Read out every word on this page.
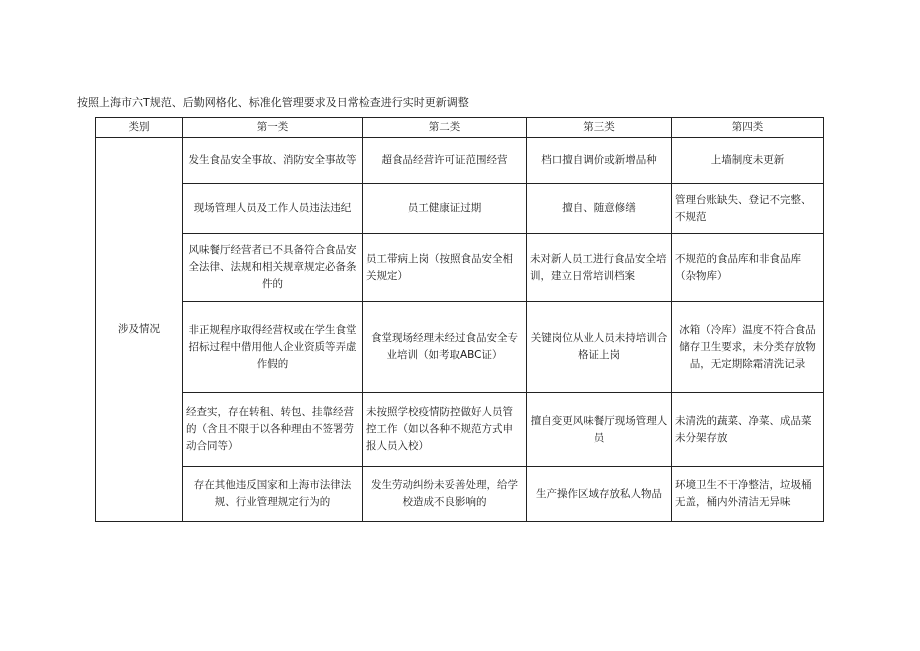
按照上海市六T规范、后勤网格化、标准化管理要求及日常检查进行实时更新调整
类别	第一类	第二类	第三类	第四类
涉及情况	发生食品安全事故、消防安全事故等	超食品经营许可证范围经营	档口擅自调价或新增品种	上墙制度未更新
	现场管理人员及工作人员违法违纪	员工健康证过期	擅自、随意修缮	管理台账缺失、登记不完整、不规范
	风味餐厅经营者已不具备符合食品安全法律、法规和相关规章规定必备条件的	员工带病上岗（按照食品安全相关规定）	未对新人员工进行食品安全培训，建立日常培训档案	不规范的食品库和非食品库（杂物库）
	非正规程序取得经营权或在学生食堂招标过程中借用他人企业资质等弄虚作假的	食堂现场经理未经过食品安全专业培训（如考取ABC证）	关键岗位从业人员未持培训合格证上岗	冰箱（冷库）温度不符合食品储存卫生要求，未分类存放物品，无定期除霜清洗记录
	经查实，存在转租、转包、挂靠经营的（含且不限于以各种理由不签署劳动合同等）	未按照学校疫情防控做好人员管控工作（如以各种不规范方式申报人员入校）	擅自变更风味餐厅现场管理人员	未清洗的蔬菜、净菜、成品菜未分架存放
	存在其他违反国家和上海市法律法规、行业管理规定行为的	发生劳动纠纷未妥善处理，给学校造成不良影响的	生产操作区域存放私人物品	环境卫生不干净整洁，垃圾桶无盖，桶内外清洁无异味
